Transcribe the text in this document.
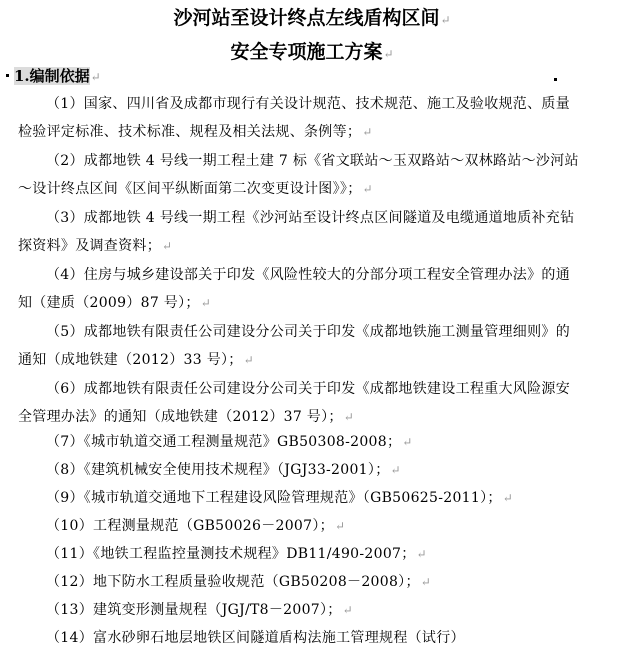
沙河站至设计终点左线盾构区间↵
安全专项施工方案↵
1.编制依据↵
（1）国家、四川省及成都市现行有关设计规范、技术规范、施工及验收规范、质量检验评定标准、技术标准、规程及相关法规、条例等；↵
（2）成都地铁 4 号线一期工程土建 7 标《省文联站～玉双路站～双林路站～沙河站～设计终点区间《区间平纵断面第二次变更设计图》》；↵
（3）成都地铁 4 号线一期工程《沙河站至设计终点区间隧道及电缆通道地质补充钻探资料》及调查资料；↵
（4）住房与城乡建设部关于印发《风险性较大的分部分项工程安全管理办法》的通知（建质（2009）87 号）；↵
（5）成都地铁有限责任公司建设分公司关于印发《成都地铁施工测量管理细则》的通知（成地铁建（2012）33 号）；↵
（6）成都地铁有限责任公司建设分公司关于印发《成都地铁建设工程重大风险源安全管理办法》的通知（成地铁建（2012）37 号）；↵
（7）《城市轨道交通工程测量规范》GB50308-2008；↵
（8）《建筑机械安全使用技术规程》（JGJ33-2001）；↵
（9）《城市轨道交通地下工程建设风险管理规范》（GB50625-2011）；↵
（10）工程测量规范（GB50026－2007）；↵
（11）《地铁工程监控量测技术规程》DB11/490-2007；↵
（12）地下防水工程质量验收规范（GB50208－2008）；↵
（13）建筑变形测量规程（JGJ/T8－2007）；↵
（14）富水砂卵石地层地铁区间隧道盾构法施工管理规程（试行）
